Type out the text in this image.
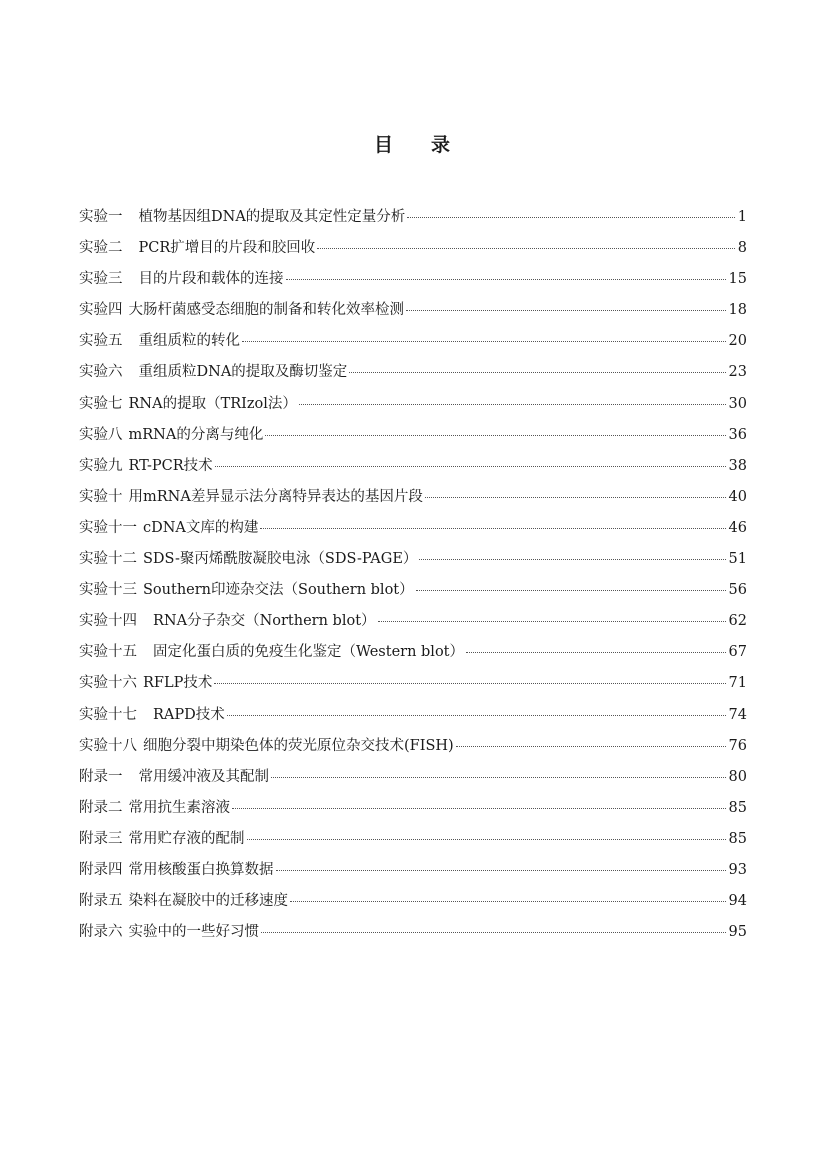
目 录
实验一 植物基因组DNA的提取及其定性定量分析	1
实验二 PCR扩增目的片段和胶回收	8
实验三 目的片段和载体的连接	15
实验四 大肠杆菌感受态细胞的制备和转化效率检测	18
实验五 重组质粒的转化	20
实验六 重组质粒DNA的提取及酶切鉴定	23
实验七 RNA的提取（TRIzol法）	30
实验八 mRNA的分离与纯化	36
实验九 RT-PCR技术	38
实验十 用mRNA差异显示法分离特异表达的基因片段	40
实验十一 cDNA文库的构建	46
实验十二 SDS-聚丙烯酰胺凝胶电泳（SDS-PAGE）	51
实验十三 Southern印迹杂交法（Southern blot）	56
实验十四 RNA分子杂交（Northern blot）	62
实验十五 固定化蛋白质的免疫生化鉴定（Western blot）	67
实验十六 RFLP技术	71
实验十七 RAPD技术	74
实验十八 细胞分裂中期染色体的荧光原位杂交技术(FISH)	76
附录一 常用缓冲液及其配制	80
附录二 常用抗生素溶液	85
附录三 常用贮存液的配制	85
附录四 常用核酸蛋白换算数据	93
附录五 染料在凝胶中的迁移速度	94
附录六 实验中的一些好习惯	95
